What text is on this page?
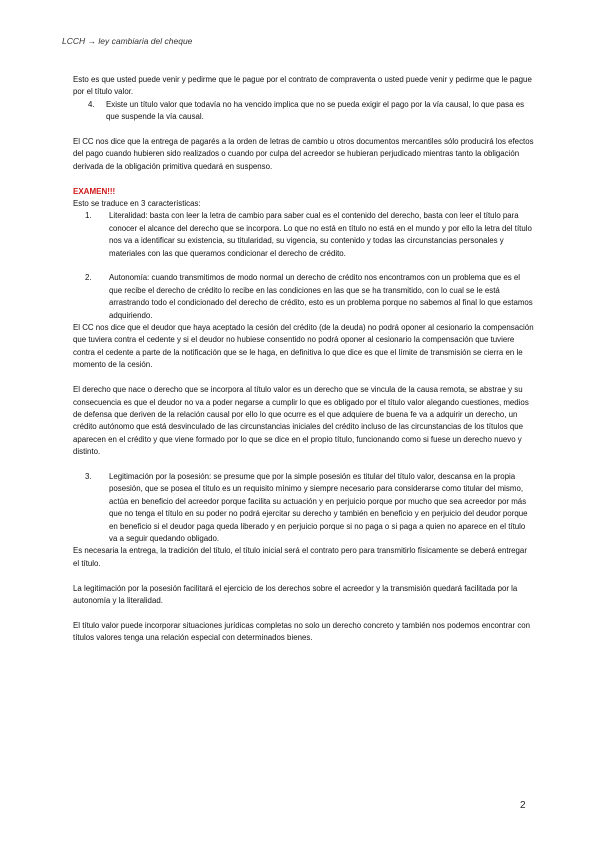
LCCH → ley cambiaria del cheque

Esto es que usted puede venir y pedirme que le pague por el contrato de compraventa o usted puede venir y pedirme que le pague por el título valor.

4.	Existe un título valor que todavía no ha vencido implica que no se pueda exigir el pago por la vía causal, lo que pasa es que suspende la vía causal.

El CC nos dice que la entrega de pagarés a la orden de letras de cambio u otros documentos mercantiles sólo producirá los efectos del pago cuando hubieren sido realizados o cuando por culpa del acreedor se hubieran perjudicado mientras tanto la obligación derivada de la obligación primitiva quedará en suspenso.

EXAMEN!!!
Esto se traduce en 3 características:
1.	Literalidad: basta con leer la letra de cambio para saber cual es el contenido del derecho, basta con leer el título para conocer el alcance del derecho que se incorpora. Lo que no está en título no está en el mundo y por ello la letra del título nos va a identificar su existencia, su titularidad, su vigencia, su contenido y todas las circunstancias personales y materiales con las que queramos condicionar el derecho de crédito.
2.	Autonomía: cuando transmitimos de modo normal un derecho de crédito nos encontramos con un problema que es el que recibe el derecho de crédito lo recibe en las condiciones en las que se ha transmitido, con lo cual se le está arrastrando todo el condicionado del derecho de crédito, esto es un problema porque no sabemos al final lo que estamos adquiriendo.

El CC nos dice que el deudor que haya aceptado la cesión del crédito (de la deuda) no podrá oponer al cesionario la compensación que tuviera contra el cedente y si el deudor no hubiese consentido no podrá oponer al cesionario la compensación que tuviere contra el cedente a parte de la notificación que se le haga, en definitiva lo que dice es que el límite de transmisión se cierra en le momento de la cesión.

El derecho que nace o derecho que se incorpora al título valor es un derecho que se vincula de la causa remota, se abstrae y su consecuencia es que el deudor no va a poder negarse a cumplir lo que es obligado por el título valor alegando cuestiones, medios de defensa que deriven de la relación causal por ello lo que ocurre es el que adquiere de buena fe va a adquirir un derecho, un crédito autónomo que está desvinculado de las circunstancias iniciales del crédito incluso de las circunstancias de los títulos que aparecen en el crédito y que viene formado por lo que se dice en el propio título, funcionando como si fuese un derecho nuevo y distinto.

3.	Legitimación por la posesión: se presume que por la simple posesión es titular del título valor, descansa en la propia posesión, que se posea el título es un requisito mínimo y siempre necesario para considerarse como titular del mismo, actúa en beneficio del acreedor porque facilita su actuación y en perjuicio porque por mucho que sea acreedor por más que no tenga el título en su poder no podrá ejercitar su derecho y también en beneficio y en perjuicio del deudor porque en beneficio si el deudor paga queda liberado y en perjuicio porque si no paga o si paga a quien no aparece en el título va a seguir quedando obligado.

Es necesaria la entrega, la tradición del título, el título inicial será el contrato pero para transmitirlo físicamente se deberá entregar el título.

La legitimación por la posesión facilitará el ejercicio de los derechos sobre el acreedor y la transmisión quedará facilitada por la autonomía y la literalidad.

El título valor puede incorporar situaciones jurídicas completas no solo un derecho concreto y también nos podemos encontrar con títulos valores tenga una relación especial con determinados bienes.

2
